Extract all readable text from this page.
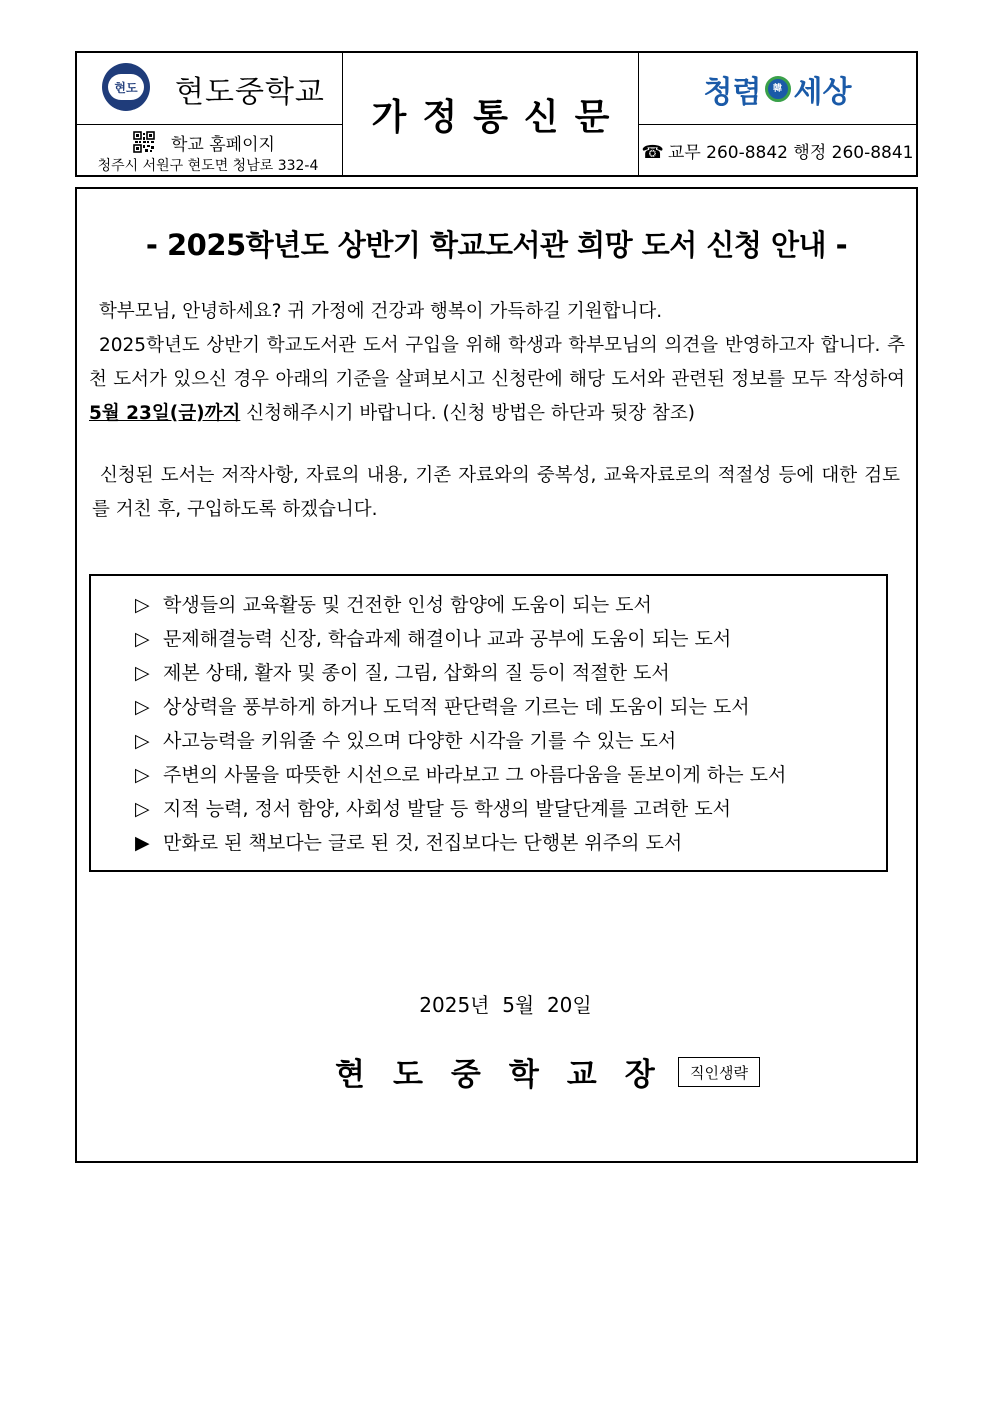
현도 현도중학교
학교 홈페이지
청주시 서원구 현도면 청남로 332-4
가정통신문
청렴	韓 세상
☎ 교무 260-8842 행정 260-8841
- 2025학년도 상반기 학교도서관 희망 도서 신청 안내 -
학부모님, 안녕하세요? 귀 가정에 건강과 행복이 가득하길 기원합니다.
2025학년도 상반기 학교도서관 도서 구입을 위해 학생과 학부모님의 의견을 반영하고자 합니다. 추천 도서가 있으신 경우 아래의 기준을 살펴보시고 신청란에 해당 도서와 관련된 정보를 모두 작성하여 5월 23일(금)까지 신청해주시기 바랍니다. (신청 방법은 하단과 뒷장 참조)
신청된 도서는 저작사항, 자료의 내용, 기존 자료와의 중복성, 교육자료로의 적절성 등에 대한 검토를 거친 후, 구입하도록 하겠습니다.
▷ 학생들의 교육활동 및 건전한 인성 함양에 도움이 되는 도서
▷ 문제해결능력 신장, 학습과제 해결이나 교과 공부에 도움이 되는 도서
▷ 제본 상태, 활자 및 종이 질, 그림, 삽화의 질 등이 적절한 도서
▷ 상상력을 풍부하게 하거나 도덕적 판단력을 기르는 데 도움이 되는 도서
▷ 사고능력을 키워줄 수 있으며 다양한 시각을 기를 수 있는 도서
▷ 주변의 사물을 따뜻한 시선으로 바라보고 그 아름다움을 돋보이게 하는 도서
▷ 지적 능력, 정서 함양, 사회성 발달 등 학생의 발달단계를 고려한 도서
▶ 만화로 된 책보다는 글로 된 것, 전집보다는 단행본 위주의 도서
2025년  5월  20일
현도중학교장 직인생략
